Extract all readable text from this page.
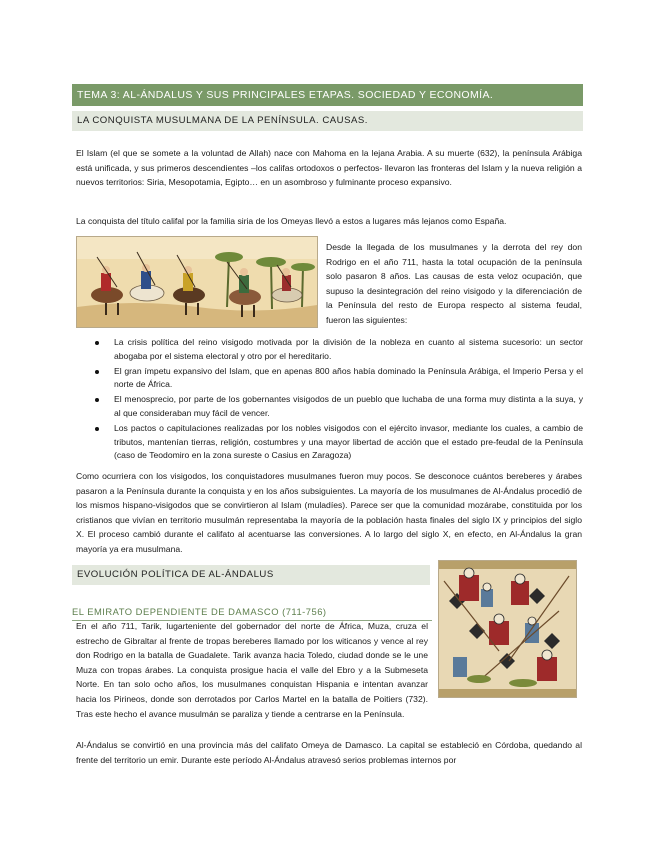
TEMA 3: AL-ÁNDALUS Y SUS PRINCIPALES ETAPAS. SOCIEDAD Y ECONOMÍA.
LA CONQUISTA MUSULMANA DE LA PENÍNSULA. CAUSAS.

El Islam (el que se somete a la voluntad de Allah) nace con Mahoma en la lejana Arabia. A su muerte (632), la península Arábiga está unificada, y sus primeros descendientes –los califas ortodoxos o perfectos- llevaron las fronteras del Islam y la nueva religión a nuevos territorios: Siria, Mesopotamia, Egipto… en un asombroso y fulminante proceso expansivo.

La conquista del título califal por la familia siria de los Omeyas llevó a estos a lugares más lejanos como España.

Desde la llegada de los musulmanes y la derrota del rey don Rodrigo en el año 711, hasta la total ocupación de la península solo pasaron 8 años. Las causas de esta veloz ocupación, que supuso la desintegración del reino visigodo y la diferenciación de la Península del resto de Europa respecto al sistema feudal, fueron las siguientes:

La crisis política del reino visigodo motivada por la división de la nobleza en cuanto al sistema sucesorio: un sector abogaba por el sistema electoral y otro por el hereditario.
El gran ímpetu expansivo del Islam, que en apenas 800 años había dominado la Península Arábiga, el Imperio Persa y el norte de África.
El menosprecio, por parte de los gobernantes visigodos de un pueblo que luchaba de una forma muy distinta a la suya, y al que consideraban muy fácil de vencer.
Los pactos o capitulaciones realizadas por los nobles visigodos con el ejército invasor, mediante los cuales, a cambio de tributos, mantenían tierras, religión, costumbres y una mayor libertad de acción que el estado pre-feudal de la Península (caso de Teodomiro en la zona sureste o Casius en Zaragoza)

Como ocurriera con los visigodos, los conquistadores musulmanes fueron muy pocos. Se desconoce cuántos bereberes y árabes pasaron a la Península durante la conquista y en los años subsiguientes. La mayoría de los musulmanes de Al-Ándalus procedió de los mismos hispano-visigodos que se convirtieron al Islam (muladíes). Parece ser que la comunidad mozárabe, constituida por los cristianos que vivían en territorio musulmán representaba la mayoría de la población hasta finales del siglo IX y principios del siglo X. El proceso cambió durante el califato al acentuarse las conversiones. A lo largo del siglo X, en efecto, en Al-Ándalus la gran mayoría ya era musulmana.

EVOLUCIÓN POLÍTICA DE AL-ÁNDALUS
EL EMIRATO DEPENDIENTE DE DAMASCO (711-756)

En el año 711, Tarik, lugarteniente del gobernador del norte de África, Muza, cruza el estrecho de Gibraltar al frente de tropas bereberes llamado por los witicanos y vence al rey don Rodrigo en la batalla de Guadalete. Tarik avanza hacia Toledo, ciudad donde se le une Muza con tropas árabes. La conquista prosigue hacia el valle del Ebro y a la Submeseta Norte. En tan solo ocho años, los musulmanes conquistan Hispania e intentan avanzar hacia los Pirineos, donde son derrotados por Carlos Martel en la batalla de Poitiers (732). Tras este hecho el avance musulmán se paraliza y tiende a centrarse en la Península.

Al-Ándalus se convirtió en una provincia más del califato Omeya de Damasco. La capital se estableció en Córdoba, quedando al frente del territorio un emir. Durante este período Al-Ándalus atravesó serios problemas internos por
